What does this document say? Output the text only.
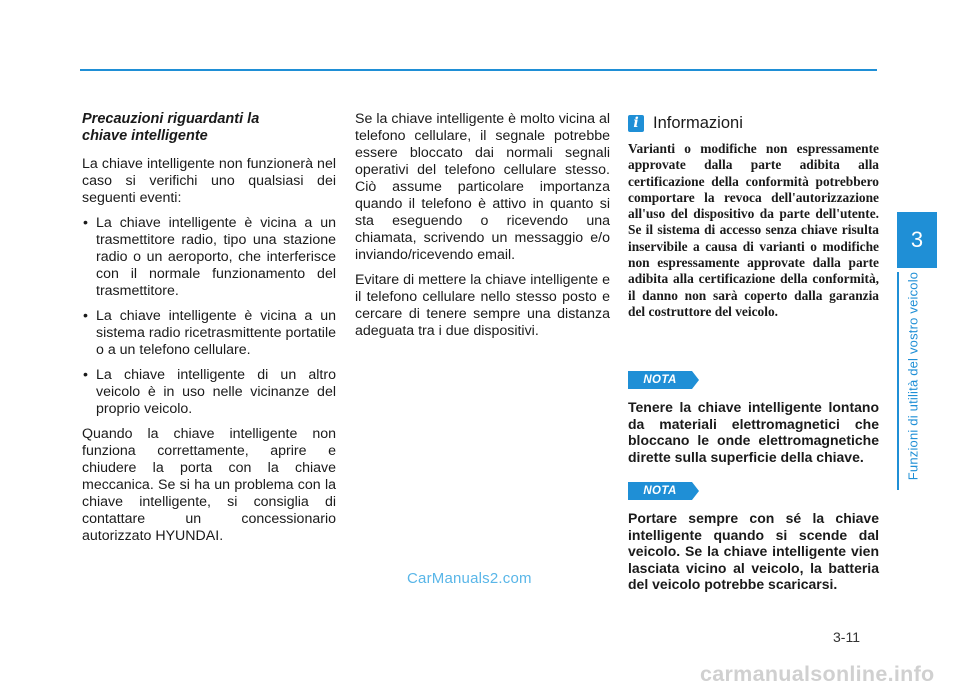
3
Funzioni di utilità del vostro veicolo
Precauzioni riguardanti la
chiave intelligente

La chiave intelligente non funzionerà nel caso si verifichi uno qualsiasi dei seguenti eventi:

• La chiave intelligente è vicina a un trasmettitore radio, tipo una stazione radio o un aeroporto, che interferisce con il normale funzionamento del trasmettitore.
• La chiave intelligente è vicina a un sistema radio ricetrasmittente portatile o a un telefono cellulare.
• La chiave intelligente di un altro veicolo è in uso nelle vicinanze del proprio veicolo.

Quando la chiave intelligente non funziona correttamente, aprire e chiudere la porta con la chiave meccanica. Se si ha un problema con la chiave intelligente, si consiglia di contattare un concessionario autorizzato HYUNDAI.

Se la chiave intelligente è molto vicina al telefono cellulare, il segnale potrebbe essere bloccato dai normali segnali operativi del telefono cellulare stesso. Ciò assume particolare importanza quando il telefono è attivo in quanto si sta eseguendo o ricevendo una chiamata, scrivendo un messaggio e/o inviando/ricevendo email.

Evitare di mettere la chiave intelligente e il telefono cellulare nello stesso posto e cercare di tenere sempre una distanza adeguata tra i due dispositivi.

i Informazioni

Varianti o modifiche non espressamente approvate dalla parte adibita alla certificazione della conformità potrebbero comportare la revoca dell'autorizzazione all'uso del dispositivo da parte dell'utente. Se il sistema di accesso senza chiave risulta inservibile a causa di varianti o modifiche non espressamente approvate dalla parte adibita alla certificazione della conformità, il danno non sarà coperto dalla garanzia del costruttore del veicolo.

NOTA

Tenere la chiave intelligente lontano da materiali elettromagnetici che bloccano le onde elettromagnetiche dirette sulla superficie della chiave.

NOTA

Portare sempre con sé la chiave intelligente quando si scende dal veicolo. Se la chiave intelligente vien lasciata vicino al veicolo, la batteria del veicolo potrebbe scaricarsi.

3-11
CarManuals2.com
carmanualsonline.info
